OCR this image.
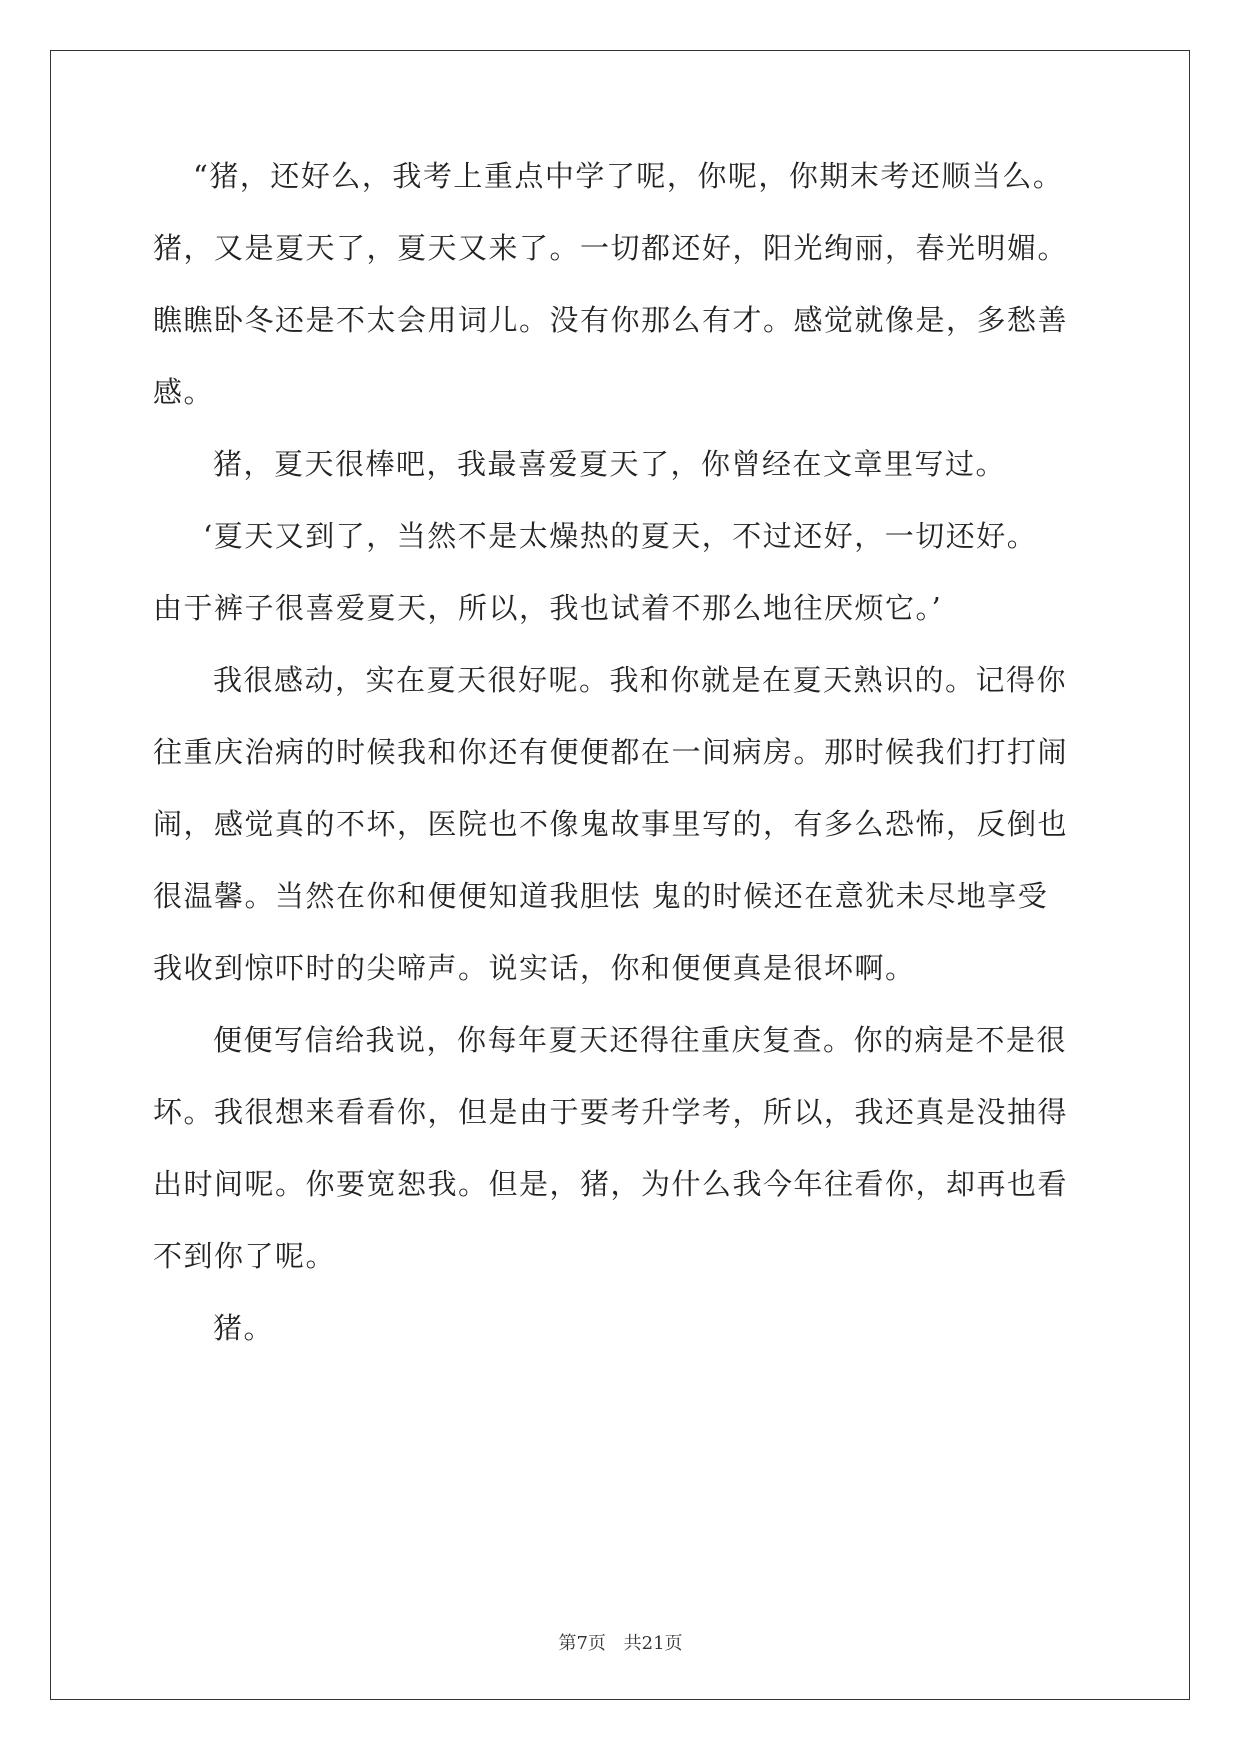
“猪，还好么，我考上重点中学了呢，你呢，你期末考还顺当么。
猪，又是夏天了，夏天又来了。一切都还好，阳光绚丽，春光明媚。
瞧瞧卧冬还是不太会用词儿。没有你那么有才。感觉就像是，多愁善
感。
猪，夏天很棒吧，我最喜爱夏天了，你曾经在文章里写过。
‘夏天又到了，当然不是太燥热的夏天，不过还好，一切还好。
由于裤子很喜爱夏天，所以，我也试着不那么地往厌烦它。’
我很感动，实在夏天很好呢。我和你就是在夏天熟识的。记得你
往重庆治病的时候我和你还有便便都在一间病房。那时候我们打打闹
闹，感觉真的不坏，医院也不像鬼故事里写的，有多么恐怖，反倒也
很温馨。当然在你和便便知道我胆怯 鬼的时候还在意犹未尽地享受
我收到惊吓时的尖啼声。说实话，你和便便真是很坏啊。
便便写信给我说，你每年夏天还得往重庆复查。你的病是不是很
坏。我很想来看看你，但是由于要考升学考，所以，我还真是没抽得
出时间呢。你要宽恕我。但是，猪，为什么我今年往看你，却再也看
不到你了呢。
猪。
第7页 共21页
